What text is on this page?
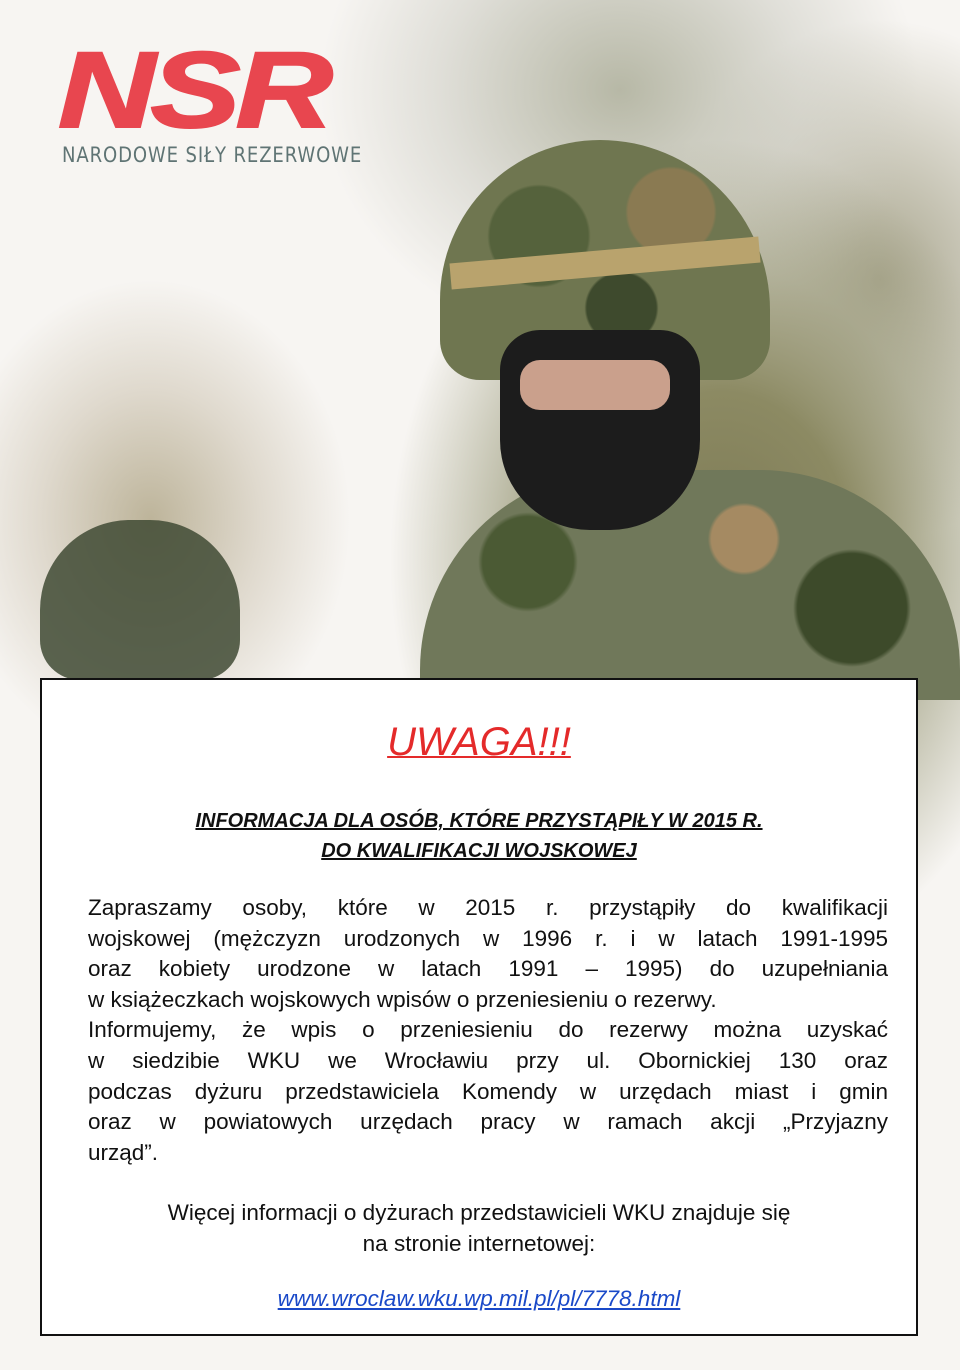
NSR
NARODOWE SIŁY REZERWOWE
UWAGA!!!
INFORMACJA DLA OSÓB, KTÓRE PRZYSTĄPIŁY W 2015 R.
DO KWALIFIKACJI WOJSKOWEJ
Zapraszamy osoby, które w 2015 r. przystąpiły do kwalifikacji
wojskowej (mężczyzn urodzonych w 1996 r. i w latach 1991-1995
oraz kobiety urodzone w latach 1991 – 1995) do uzupełniania
w książeczkach wojskowych wpisów o przeniesieniu o rezerwy.
Informujemy, że wpis o przeniesieniu do rezerwy można uzyskać
w siedzibie WKU we Wrocławiu przy ul. Obornickiej 130 oraz
podczas dyżuru przedstawiciela Komendy w urzędach miast i gmin
oraz w powiatowych urzędach pracy w ramach akcji „Przyjazny
urząd”.
Więcej informacji o dyżurach przedstawicieli WKU znajduje się
na stronie internetowej:
www.wroclaw.wku.wp.mil.pl/pl/7778.html
